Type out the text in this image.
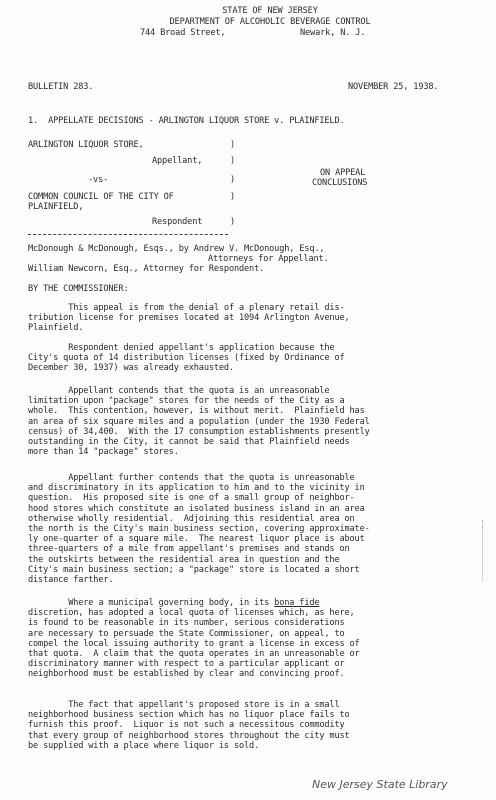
STATE OF NEW JERSEY
DEPARTMENT OF ALCOHOLIC BEVERAGE CONTROL
744 Broad Street,	Newark, N. J.
BULLETIN 283.	NOVEMBER 25, 1938.
1.  APPELLATE DECISIONS - ARLINGTON LIQUOR STORE v. PLAINFIELD.
ARLINGTON LIQUOR STORE,	)
Appellant,	)
ON APPEAL
-vs-	)	CONCLUSIONS
COMMON COUNCIL OF THE CITY OF	)
PLAINFIELD,
Respondent	)
McDonough & McDonough, Esqs., by Andrew V. McDonough, Esq.,
Attorneys for Appellant.
William Newcorn, Esq., Attorney for Respondent.
BY THE COMMISSIONER:
This appeal is from the denial of a plenary retail dis-
tribution license for premises located at 1094 Arlington Avenue,
Plainfield.
Respondent denied appellant's application because the
City's quota of 14 distribution licenses (fixed by Ordinance of
December 30, 1937) was already exhausted.
Appellant contends that the quota is an unreasonable
limitation upon "package" stores for the needs of the City as a
whole.  This contention, however, is without merit.  Plainfield has
an area of six square miles and a population (under the 1930 Federal
census) of 34,400.  With the 17 consumption establishments presently
outstanding in the City, it cannot be said that Plainfield needs
more than 14 "package" stores.
Appellant further contends that the quota is unreasonable
and discriminatory in its application to him and to the vicinity in
question.  His proposed site is one of a small group of neighbor-
hood stores which constitute an isolated business island in an area
otherwise wholly residential.  Adjoining this residential area on
the north is the City's main business section, covering approximate-
ly one-quarter of a square mile.  The nearest liquor place is about
three-quarters of a mile from appellant's premises and stands on
the outskirts between the residential area in question and the
City's main business section; a "package" store is located a short
distance farther.
Where a municipal governing body, in its bona fide
discretion, has adopted a local quota of licenses which, as here,
is found to be reasonable in its number, serious considerations
are necessary to persuade the State Commissioner, on appeal, to
compel the local issuing authority to grant a license in excess of
that quota.  A claim that the quota operates in an unreasonable or
discriminatory manner with respect to a particular applicant or
neighborhood must be established by clear and convincing proof.
The fact that appellant's proposed store is in a small
neighborhood business section which has no liquor place fails to
furnish this proof.  Liquor is not such a necessitous commodity
that every group of neighborhood stores throughout the city must
be supplied with a place where liquor is sold.
New Jersey State Library
